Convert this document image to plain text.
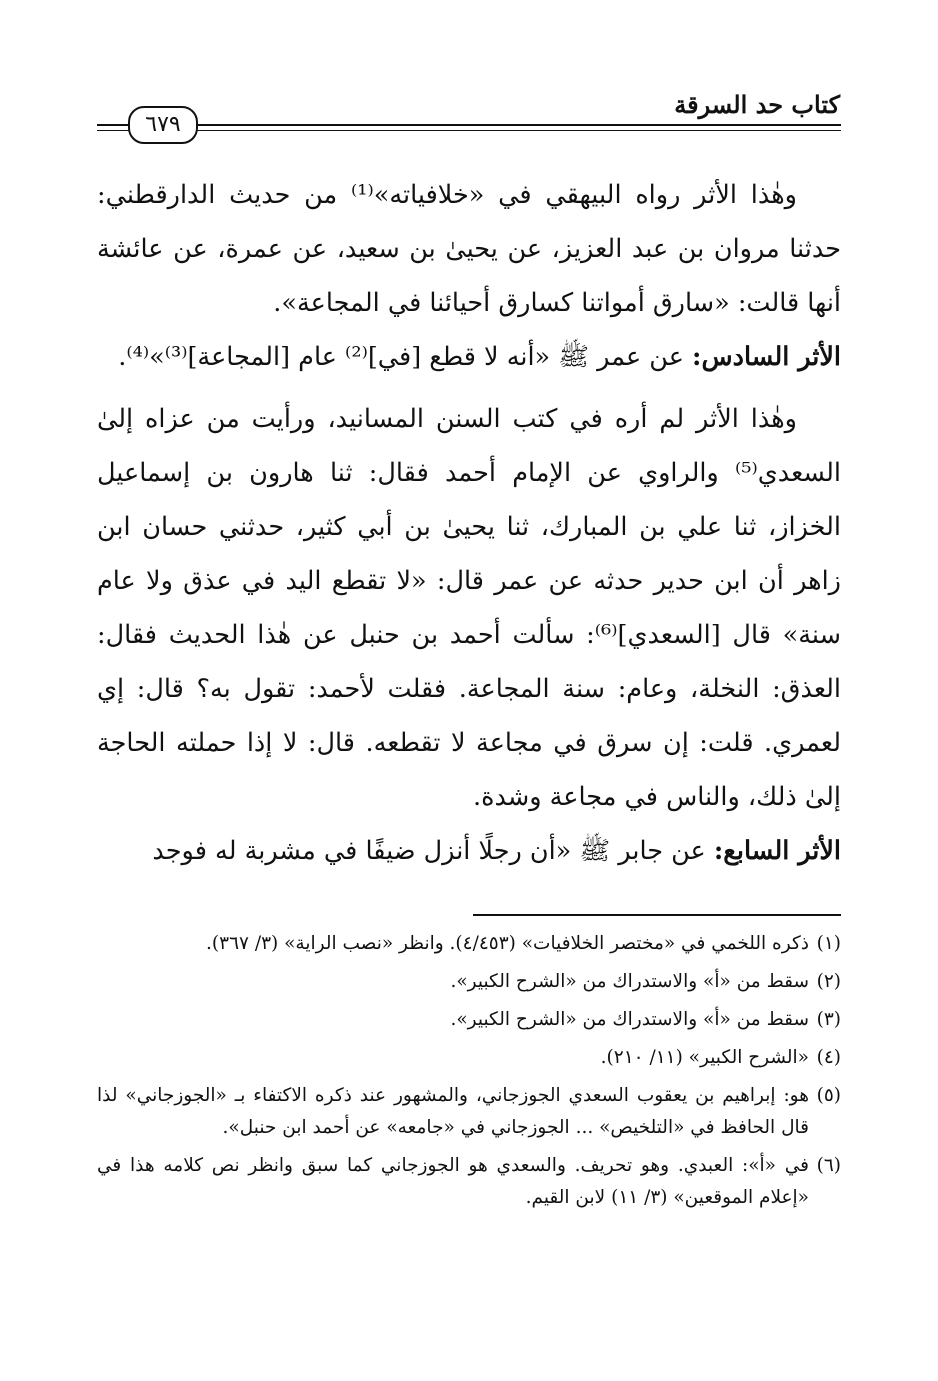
كتاب حد السرقة
٦٧٩

وهٰذا الأثر رواه البيهقي في «خلافياته»⁽¹⁾ من حديث الدارقطني: حدثنا مروان بن عبد العزيز، عن يحيىٰ بن سعيد، عن عمرة، عن عائشة أنها قالت: «سارق أمواتنا كسارق أحيائنا في المجاعة».

الأثر السادس: عن عمر ﷺ «أنه لا قطع [في]⁽²⁾ عام [المجاعة]⁽³⁾»⁽⁴⁾.

وهٰذا الأثر لم أره في كتب السنن المسانيد، ورأيت من عزاه إلىٰ السعدي⁽⁵⁾ والراوي عن الإمام أحمد فقال: ثنا هارون بن إسماعيل الخزاز، ثنا علي بن المبارك، ثنا يحيىٰ بن أبي كثير، حدثني حسان ابن زاهر أن ابن حدير حدثه عن عمر قال: «لا تقطع اليد في عذق ولا عام سنة» قال [السعدي]⁽⁶⁾: سألت أحمد بن حنبل عن هٰذا الحديث فقال: العذق: النخلة، وعام: سنة المجاعة. فقلت لأحمد: تقول به؟ قال: إي لعمري. قلت: إن سرق في مجاعة لا تقطعه. قال: لا إذا حملته الحاجة إلىٰ ذلك، والناس في مجاعة وشدة.

الأثر السابع: عن جابر ﷺ «أن رجلًا أنزل ضيفًا في مشربة له فوجد

(١)
ذكره اللخمي في «مختصر الخلافيات» (٤/٤٥٣). وانظر «نصب الراية» (٣/ ٣٦٧).
(٢)
سقط من «أ» والاستدراك من «الشرح الكبير».
(٣)
سقط من «أ» والاستدراك من «الشرح الكبير».
(٤)
«الشرح الكبير» (١١/ ٢١٠).
(٥)
هو: إبراهيم بن يعقوب السعدي الجوزجاني، والمشهور عند ذكره الاكتفاء بـ «الجوزجاني» لذا قال الحافظ في «التلخيص» ... الجوزجاني في «جامعه» عن أحمد ابن حنبل».
(٦)
في «أ»: العبدي. وهو تحريف. والسعدي هو الجوزجاني كما سبق وانظر نص كلامه هذا في «إعلام الموقعين» (٣/ ١١) لابن القيم.
